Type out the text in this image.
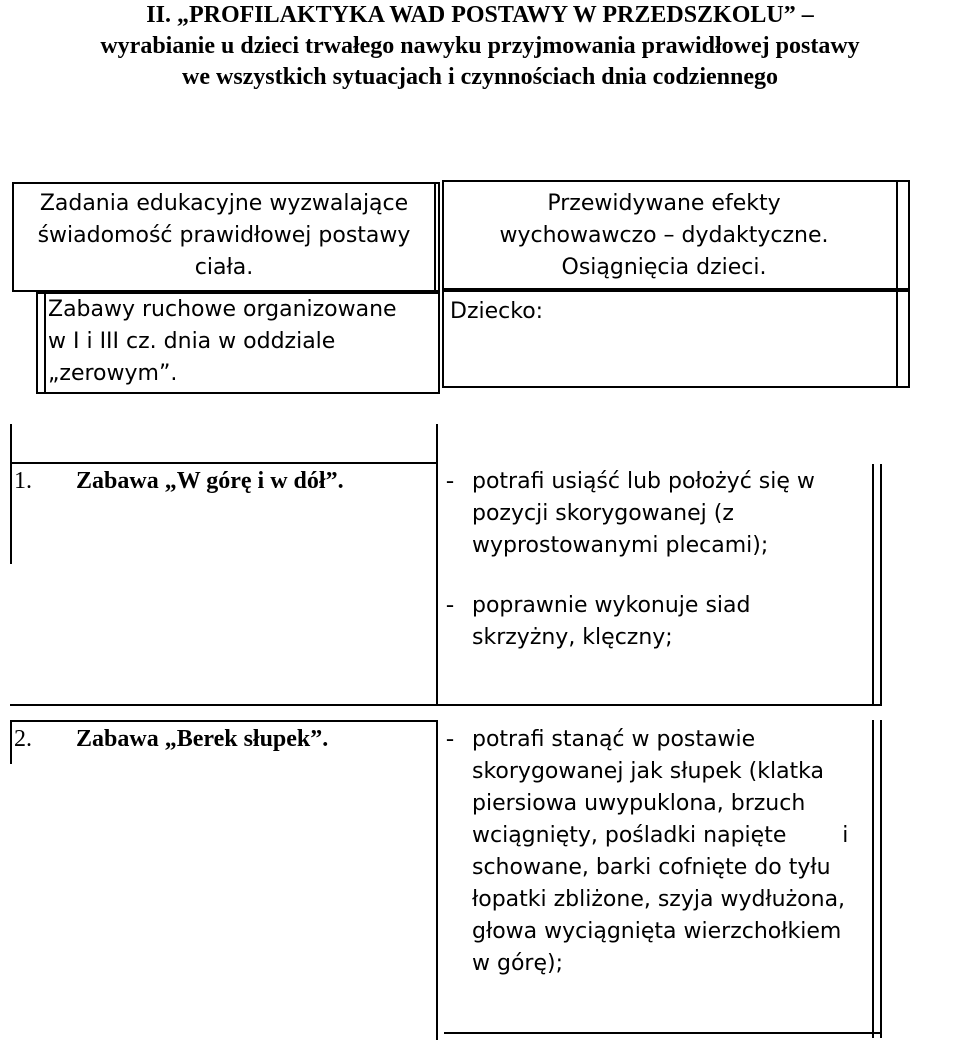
II. „PROFILAKTYKA WAD POSTAWY W PRZEDSZKOLU” –
wyrabianie u dzieci trwałego nawyku przyjmowania prawidłowej postawy
we wszystkich sytuacjach i czynnościach dnia codziennego
Zadania edukacyjne wyzwalające
świadomość prawidłowej postawy
ciała.
Zabawy ruchowe organizowane
w I i III cz. dnia w oddziale
„zerowym”.
Przewidywane efekty
wychowawczo – dydaktyczne.
Osiągnięcia dzieci.
Dziecko:
1. Zabawa „W górę i w dół”.	- potrafi usiąść lub położyć się w
pozycji skorygowanej (z
wyprostowanymi plecami);
- poprawnie wykonuje siad
skrzyżny, klęczny;
2. Zabawa „Berek słupek”.	- potrafi stanąć w postawie
skorygowanej jak słupek (klatka
piersiowa uwypuklona, brzuch
wciągnięty, pośladki napięte        i
schowane, barki cofnięte do tyłu
łopatki zbliżone, szyja wydłużona,
głowa wyciągnięta wierzchołkiem
w górę);
